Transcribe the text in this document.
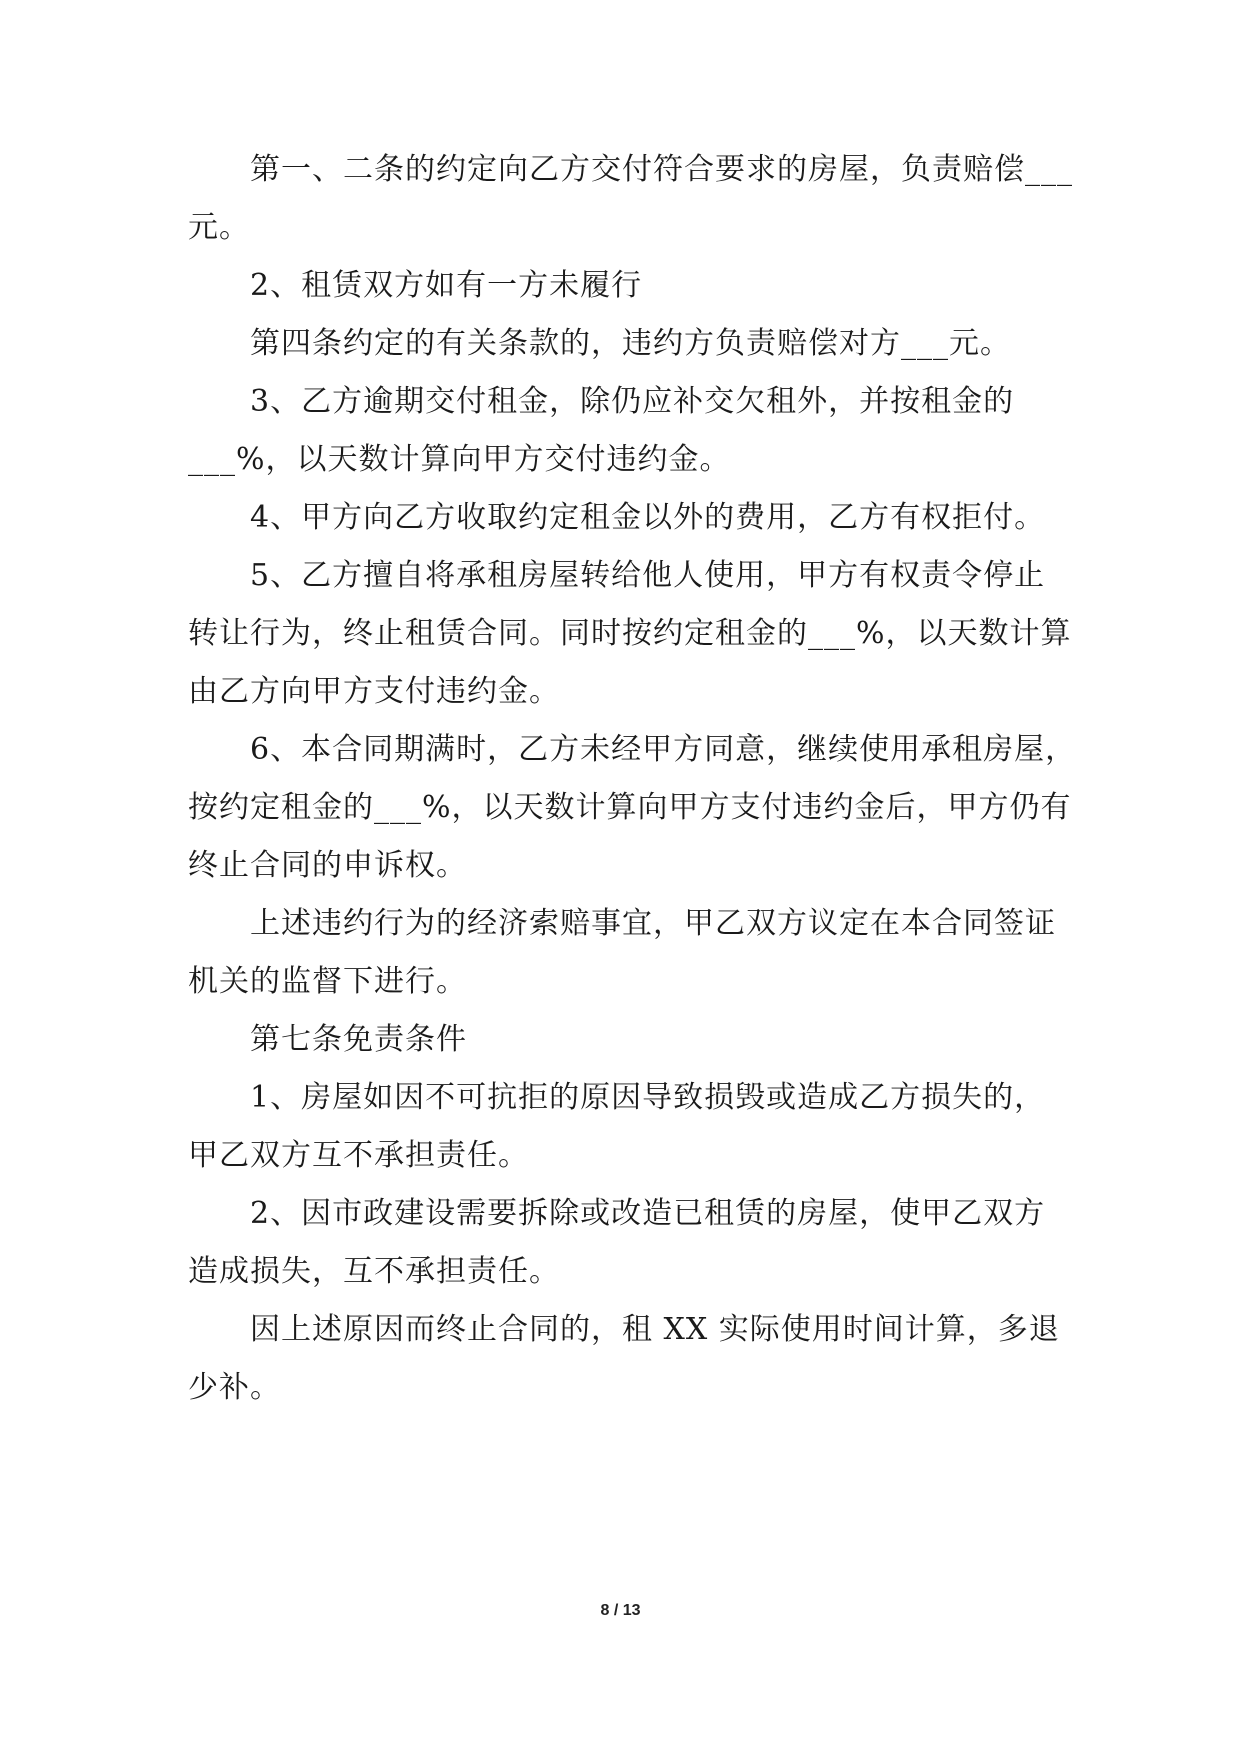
第一、二条的约定向乙方交付符合要求的房屋，负责赔偿___
元。
2、租赁双方如有一方未履行
第四条约定的有关条款的，违约方负责赔偿对方___元。
3、乙方逾期交付租金，除仍应补交欠租外，并按租金的
___%，以天数计算向甲方交付违约金。
4、甲方向乙方收取约定租金以外的费用，乙方有权拒付。
5、乙方擅自将承租房屋转给他人使用，甲方有权责令停止
转让行为，终止租赁合同。同时按约定租金的___%，以天数计算
由乙方向甲方支付违约金。
6、本合同期满时，乙方未经甲方同意，继续使用承租房屋，
按约定租金的___%，以天数计算向甲方支付违约金后，甲方仍有
终止合同的申诉权。
上述违约行为的经济索赔事宜，甲乙双方议定在本合同签证
机关的监督下进行。
第七条免责条件
1、房屋如因不可抗拒的原因导致损毁或造成乙方损失的，
甲乙双方互不承担责任。
2、因市政建设需要拆除或改造已租赁的房屋，使甲乙双方
造成损失，互不承担责任。
因上述原因而终止合同的，租 XX 实际使用时间计算，多退
少补。
8 / 13
